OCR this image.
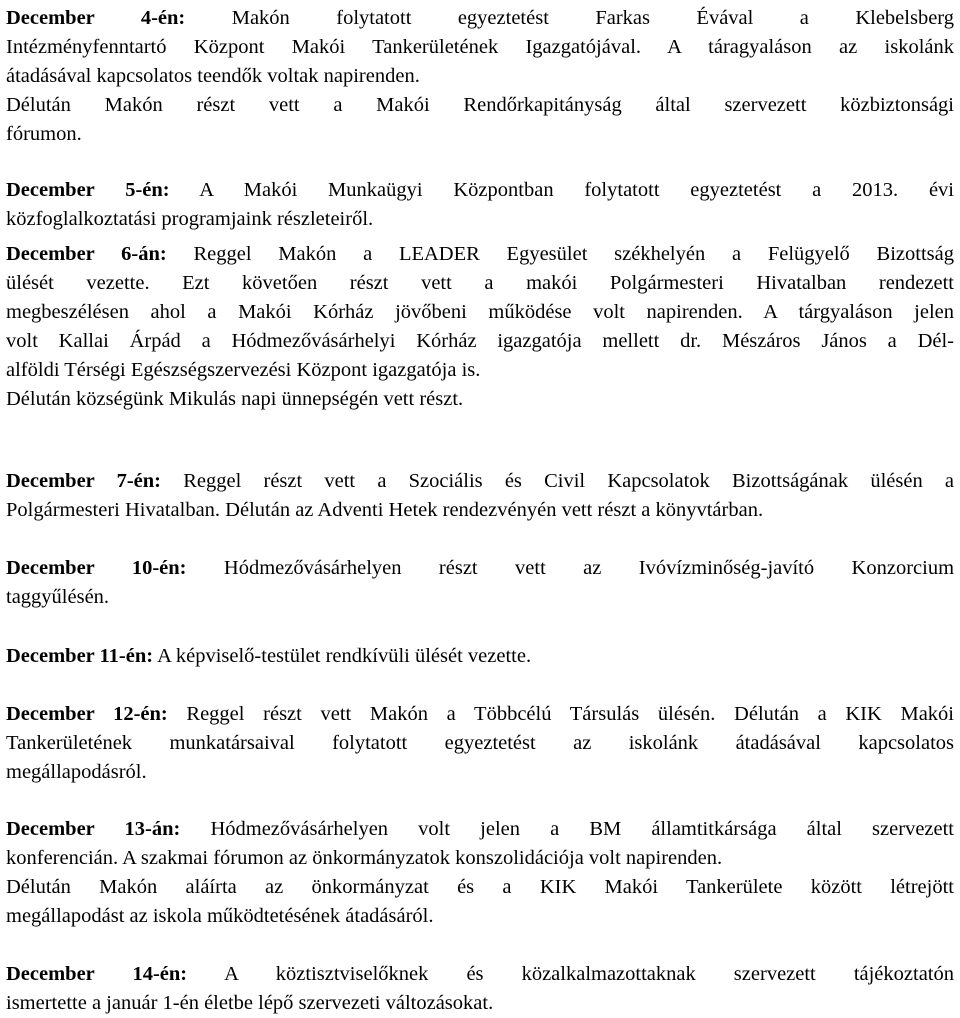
December 4-én: Makón folytatott egyeztetést Farkas Évával a Klebelsberg
Intézményfenntartó Központ Makói Tankerületének Igazgatójával. A táragyaláson az iskolánk
átadásával kapcsolatos teendők voltak napirenden.
Délután Makón részt vett a Makói Rendőrkapitányság által szervezett közbiztonsági
fórumon.
December 5-én: A Makói Munkaügyi Központban folytatott egyeztetést a 2013. évi
közfoglalkoztatási programjaink részleteiről.
December 6-án: Reggel Makón a LEADER Egyesület székhelyén a Felügyelő Bizottság
ülését vezette. Ezt követően részt vett a makói Polgármesteri Hivatalban rendezett
megbeszélésen ahol a Makói Kórház jövőbeni működése volt napirenden. A tárgyaláson jelen
volt Kallai Árpád a Hódmezővásárhelyi Kórház igazgatója mellett dr. Mészáros János a Dél-
alföldi Térségi Egészségszervezési Központ igazgatója is.
Délután községünk Mikulás napi ünnepségén vett részt.
December 7-én: Reggel részt vett a Szociális és Civil Kapcsolatok Bizottságának ülésén a
Polgármesteri Hivatalban. Délután az Adventi Hetek rendezvényén vett részt a könyvtárban.
December 10-én: Hódmezővásárhelyen részt vett az Ivóvízminőség-javító Konzorcium
taggyűlésén.
December 11-én: A képviselő-testület rendkívüli ülését vezette.
December 12-én: Reggel részt vett Makón a Többcélú Társulás ülésén. Délután a KIK Makói
Tankerületének munkatársaival folytatott egyeztetést az iskolánk átadásával kapcsolatos
megállapodásról.
December 13-án: Hódmezővásárhelyen volt jelen a BM államtitkársága által szervezett
konferencián. A szakmai fórumon az önkormányzatok konszolidációja volt napirenden.
Délután Makón aláírta az önkormányzat és a KIK Makói Tankerülete között létrejött
megállapodást az iskola működtetésének átadásáról.
December 14-én: A köztisztviselőknek és közalkalmazottaknak szervezett tájékoztatón
ismertette a január 1-én életbe lépő szervezeti változásokat.
